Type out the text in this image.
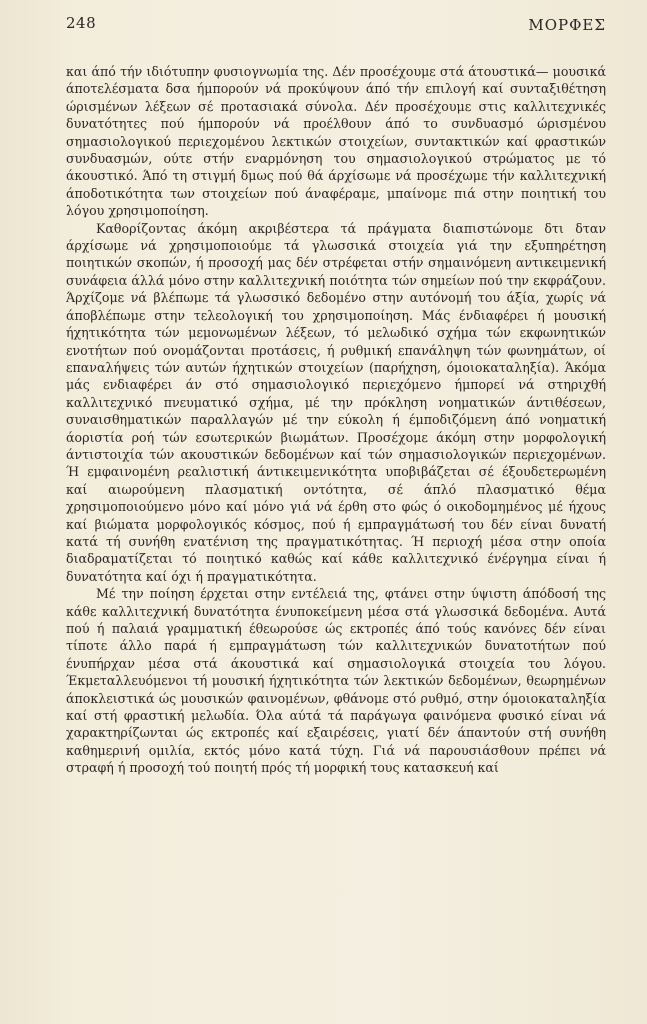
248	ΜΟΡΦΕΣ

και άπό τήν ιδιότυπην φυσιογνωμία της. Δέν προσέχουμε στά άτουστικά— μουσικά άποτελέσματα δσα ήμπορούν νά προκύψουν άπό τήν επιλογή καί συνταξιθέτηση ώρισμένων λέξεων σέ προτασιακά σύνολα. Δέν προσέχουμε στις καλλιτεχνικές δυνατότητες πού ήμπορούν νά προέλθουν άπό το συνδυασμό ώρισμένου σημασιολογικού περιεχομένου λεκτικών στοιχείων, συντακτικών καί φραστικών συνδυασμών, ούτε στήν εναρμόνηση του σημασιολογικού στρώματος με τό άκουστικό. Άπό τη στιγμή δμως πού θά άρχίσωμε νά προσέχωμε τήν καλλιτεχνική άποδοτικότητα των στοιχείων πού άναφέραμε, μπαίνομε πιά στην ποιητική του λόγου χρησιμοποίηση.

Καθορίζοντας άκόμη ακριβέστερα τά πράγματα διαπιστώνομε δτι δταν άρχίσωμε νά χρησιμοποιούμε τά γλωσσικά στοιχεία γιά την εξυπηρέτηση ποιητικών σκοπών, ή προσοχή μας δέν στρέφεται στήν σημαινόμενη αντικειμενική συνάφεια άλλά μόνο στην καλλιτεχνική ποιότητα τών σημείων πού την εκφράζουν. Άρχίζομε νά βλέπωμε τά γλωσσικό δεδομένο στην αυτόνομή του άξία, χωρίς νά άποβλέπωμε στην τελεολογική του χρησιμοποίηση. Μάς ένδιαφέρει ή μουσική ήχητικότητα τών μεμονωμένων λέξεων, τό μελωδικό σχήμα τών εκφωνητικών ενοτήτων πού ονομάζονται προτάσεις, ή ρυθμική επανάληψη τών φωνημάτων, οί επαναλήψεις τών αυτών ήχητικών στοιχείων (παρήχηση, όμοιοκαταληξία). Άκόμα μάς ενδιαφέρει άν στό σημασιολογικό περιεχόμενο ήμπορεί νά στηριχθή καλλιτεχνικό πνευματικό σχήμα, μέ την πρόκληση νοηματικών άντιθέσεων, συναισθηματικών παραλλαγών μέ την εύκολη ή έμποδιζόμενη άπό νοηματική άοριστία ροή τών εσωτερικών βιωμάτων. Προσέχομε άκόμη στην μορφολογική άντιστοιχία τών ακουστικών δεδομένων καί τών σημασιολογικών περιεχομένων. Ή εμφαινομένη ρεαλιστική άντικειμενικότητα υποβιβάζεται σέ έξουδετερωμένη καί αιωρούμενη πλασματική οντότητα, σέ άπλό πλασματικό θέμα χρησιμοποιούμενο μόνο καί μόνο γιά νά έρθη στο φώς ό οικοδομημένος μέ ήχους καί βιώματα μορφολογικός κόσμος, πού ή εμπραγμάτωσή του δέν είναι δυνατή κατά τή συνήθη ενατένιση της πραγματικότητας. Ή περιοχή μέσα στην οποία διαδραματίζεται τό ποιητικό καθώς καί κάθε καλλιτεχνικό ένέργημα είναι ή δυνατότητα καί όχι ή πραγματικότητα.

Μέ την ποίηση έρχεται στην εντέλειά της, φτάνει στην ύψιστη άπόδοσή της κάθε καλλιτεχνική δυνατότητα ένυποκείμενη μέσα στά γλωσσικά δεδομένα. Αυτά πού ή παλαιά γραμματική έθεωρούσε ώς εκτροπές άπό τούς κανόνες δέν είναι τίποτε άλλο παρά ή εμπραγμάτωση τών καλλιτεχνικών δυνατοτήτων πού ένυπήρχαν μέσα στά άκουστικά καί σημασιολογικά στοιχεία του λόγου. Έκμεταλλευόμενοι τή μουσική ήχητικότητα τών λεκτικών δεδομένων, θεωρημένων άποκλειστικά ώς μουσικών φαινομένων, φθάνομε στό ρυθμό, στην όμοιοκαταληξία καί στή φραστική μελωδία. Όλα αύτά τά παράγωγα φαινόμενα φυσικό είναι νά χαρακτηρίζωνται ώς εκτροπές καί εξαιρέσεις, γιατί δέν άπαντούν στή συνήθη καθημερινή ομιλία, εκτός μόνο κατά τύχη. Γιά νά παρουσιάσθουν πρέπει νά στραφή ή προσοχή τού ποιητή πρός τή μορφική τους κατασκευή καί
